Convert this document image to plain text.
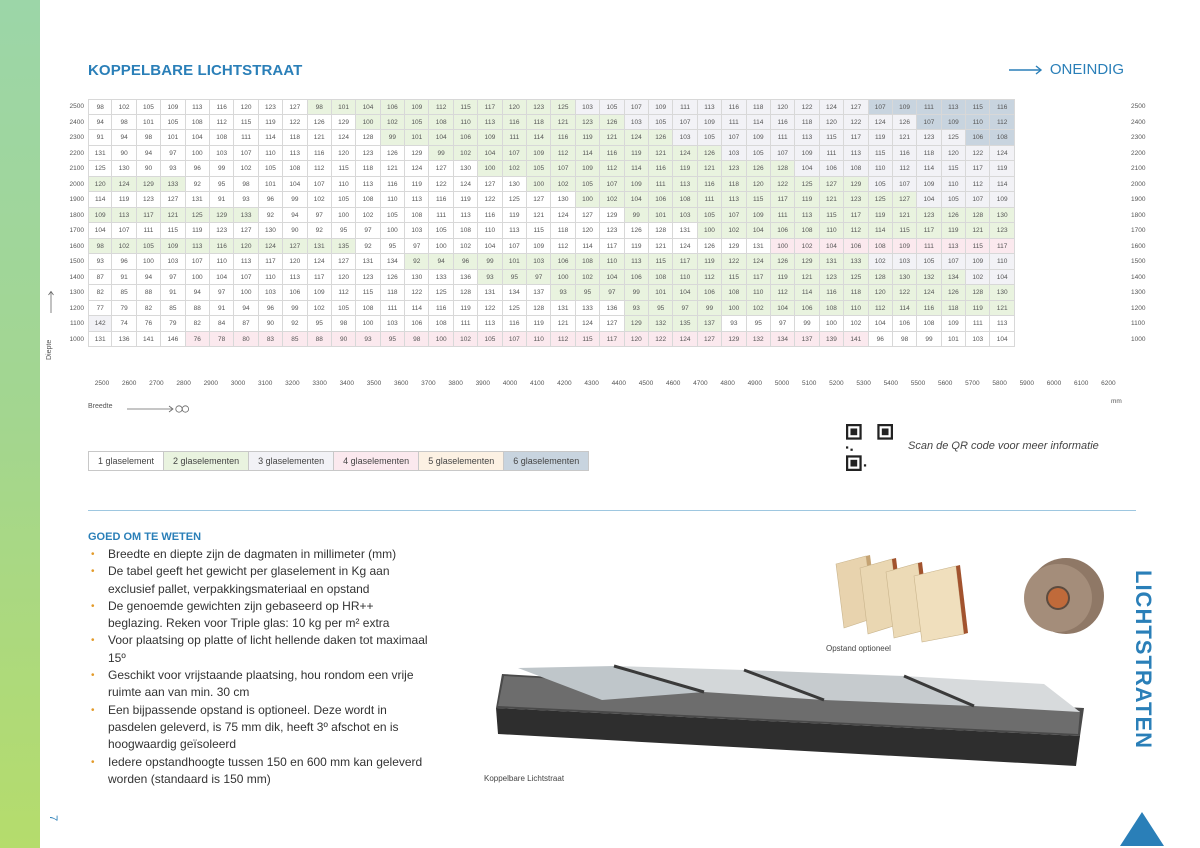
KOPPELBARE LICHTSTRAAT	ONEINDIG
2500
2400
2300
2200
2100
2000
1900
1800
1700
1600
1500
1400
1300
1200
1100
1000
98	102	105	109	113	116	120	123	127	98	101	104	106	109	112	115	117	120	123	125	103	105	107	109	111	113	116	118	120	122	124	127	107	109	111	113	115	116
94	98	101	105	108	112	115	119	122	126	129	100	102	105	108	110	113	116	118	121	123	126	103	105	107	109	111	114	116	118	120	122	124	126	107	109	110	112
91	94	98	101	104	108	111	114	118	121	124	128	99	101	104	106	109	111	114	116	119	121	124	126	103	105	107	109	111	113	115	117	119	121	123	125	106	108
131	90	94	97	100	103	107	110	113	116	120	123	126	129	99	102	104	107	109	112	114	116	119	121	124	126	103	105	107	109	111	113	115	116	118	120	122	124
125	130	90	93	96	99	102	105	108	112	115	118	121	124	127	130	100	102	105	107	109	112	114	116	119	121	123	126	128	104	106	108	110	112	114	115	117	119
120	124	129	133	92	95	98	101	104	107	110	113	116	119	122	124	127	130	100	102	105	107	109	111	113	116	118	120	122	125	127	129	105	107	109	110	112	114
114	119	123	127	131	91	93	96	99	102	105	108	110	113	116	119	122	125	127	130	100	102	104	106	108	111	113	115	117	119	121	123	125	127	104	105	107	109
109	113	117	121	125	129	133	92	94	97	100	102	105	108	111	113	116	119	121	124	127	129	99	101	103	105	107	109	111	113	115	117	119	121	123	126	128	130
104	107	111	115	119	123	127	130	90	92	95	97	100	103	105	108	110	113	115	118	120	123	126	128	131	100	102	104	106	108	110	112	114	115	117	119	121	123
98	102	105	109	113	116	120	124	127	131	135	92	95	97	100	102	104	107	109	112	114	117	119	121	124	126	129	131	100	102	104	106	108	109	111	113	115	117
93	96	100	103	107	110	113	117	120	124	127	131	134	92	94	96	99	101	103	106	108	110	113	115	117	119	122	124	126	129	131	133	102	103	105	107	109	110
87	91	94	97	100	104	107	110	113	117	120	123	126	130	133	136	93	95	97	100	102	104	106	108	110	112	115	117	119	121	123	125	128	130	132	134	102	104
82	85	88	91	94	97	100	103	106	109	112	115	118	122	125	128	131	134	137	93	95	97	99	101	104	106	108	110	112	114	116	118	120	122	124	126	128	130
77	79	82	85	88	91	94	96	99	102	105	108	111	114	116	119	122	125	128	131	133	136	93	95	97	99	100	102	104	106	108	110	112	114	116	118	119	121
142	74	76	79	82	84	87	90	92	95	98	100	103	106	108	111	113	116	119	121	124	127	129	132	135	137	93	95	97	99	100	102	104	106	108	109	111	113
131	136	141	146	76	78	80	83	85	88	90	93	95	98	100	102	105	107	110	112	115	117	120	122	124	127	129	132	134	137	139	141	96	98	99	101	103	104
2500
2400
2300
2200
2100
2000
1900
1800
1700
1600
1500
1400
1300
1200
1100
1000
2500	2600	2700	2800	2900	3000	3100	3200	3300	3400	3500	3600	3700	3800	3900	4000	4100	4200	4300	4400	4500	4600	4700	4800	4900	5000	5100	5200	5300	5400	5500	5600	5700	5800	5900	6000	6100	6200
mm
Diepte
Breedte
1 glaselement	2 glaselementen	3 glaselementen	4 glaselementen	5 glaselementen	6 glaselementen
Scan de QR code voor meer informatie
GOED OM TE WETEN
• Breedte en diepte zijn de dagmaten in millimeter (mm)
• De tabel geeft het gewicht per glaselement in Kg aan exclusief pallet, verpakkingsmateriaal en opstand
• De genoemde gewichten zijn gebaseerd op HR++ beglazing. Reken voor Triple glas: 10 kg per m² extra
• Voor plaatsing op platte of licht hellende daken tot maximaal 15º
• Geschikt voor vrijstaande plaatsing, hou rondom een vrije ruimte aan van min. 30 cm
• Een bijpassende opstand is optioneel. Deze wordt in pasdelen geleverd, is 75 mm dik, heeft 3º afschot en is hoogwaardig geïsoleerd
• Iedere opstandhoogte tussen 150 en 600 mm kan geleverd worden (standaard is 150 mm)
Opstand optioneel
Koppelbare Lichtstraat
LICHTSTRATEN
7
